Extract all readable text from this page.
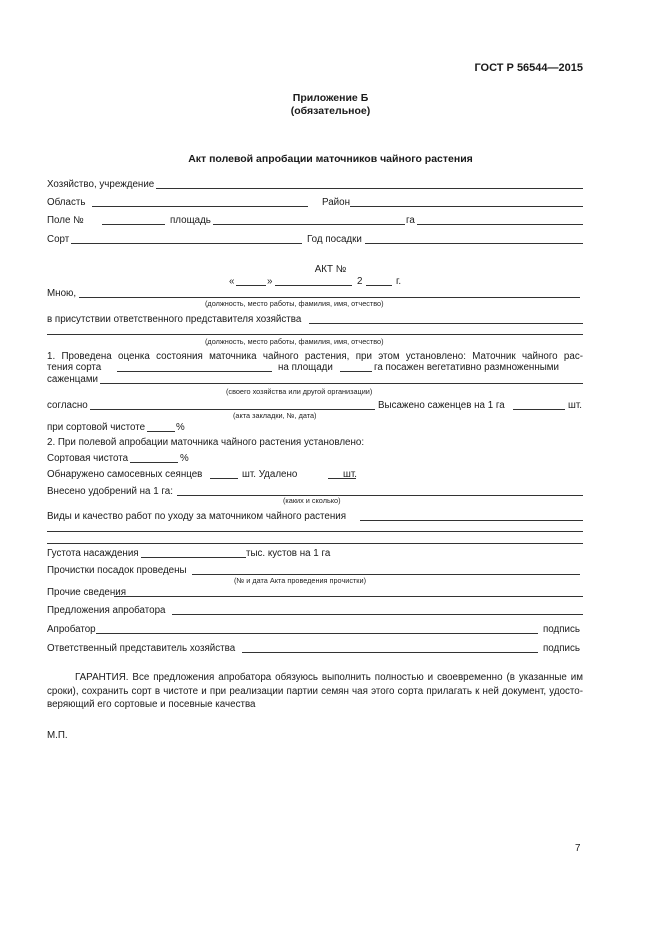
ГОСТ Р 56544—2015
Приложение Б
(обязательное)
Акт полевой апробации маточников чайного растения
Хозяйство, учреждение
Область	Район
Поле №	площадь	га
Сорт	Год посадки
АКТ №
«	»	2	г.
Мною,
(должность, место работы, фамилия, имя, отчество)
в присутствии ответственного представителя хозяйства
(должность, место работы, фамилия, имя, отчество)
1. Проведена оценка состояния маточника чайного растения, при этом установлено: Маточник чайного рас-
тения сорта	на площади	га посажен вегетативно размноженными
саженцами
(своего хозяйства или другой организации)
согласно	Высажено саженцев на 1 га	шт.
(акта закладки, №, дата)
при сортовой чистоте	%
2. При полевой апробации маточника чайного растения установлено:
Сортовая чистота	%
Обнаружено самосевных сеянцев	шт. Удалено	шт.
Внесено удобрений на 1 га:
(каких и сколько)
Виды и качество работ по уходу за маточником чайного растения
Густота насаждения	тыс. кустов на 1 га
Прочистки посадок проведены
(№ и дата Акта проведения прочистки)
Прочие сведения
Предложения апробатора
Апробатор	подпись
Ответственный представитель хозяйства	подпись
ГАРАНТИЯ. Все предложения апробатора обязуюсь выполнить полностью и своевременно (в указанные им
сроки), сохранить сорт в чистоте и при реализации партии семян чая этого сорта прилагать к ней документ, удосто-
веряющий его сортовые и посевные качества
М.П.
7
